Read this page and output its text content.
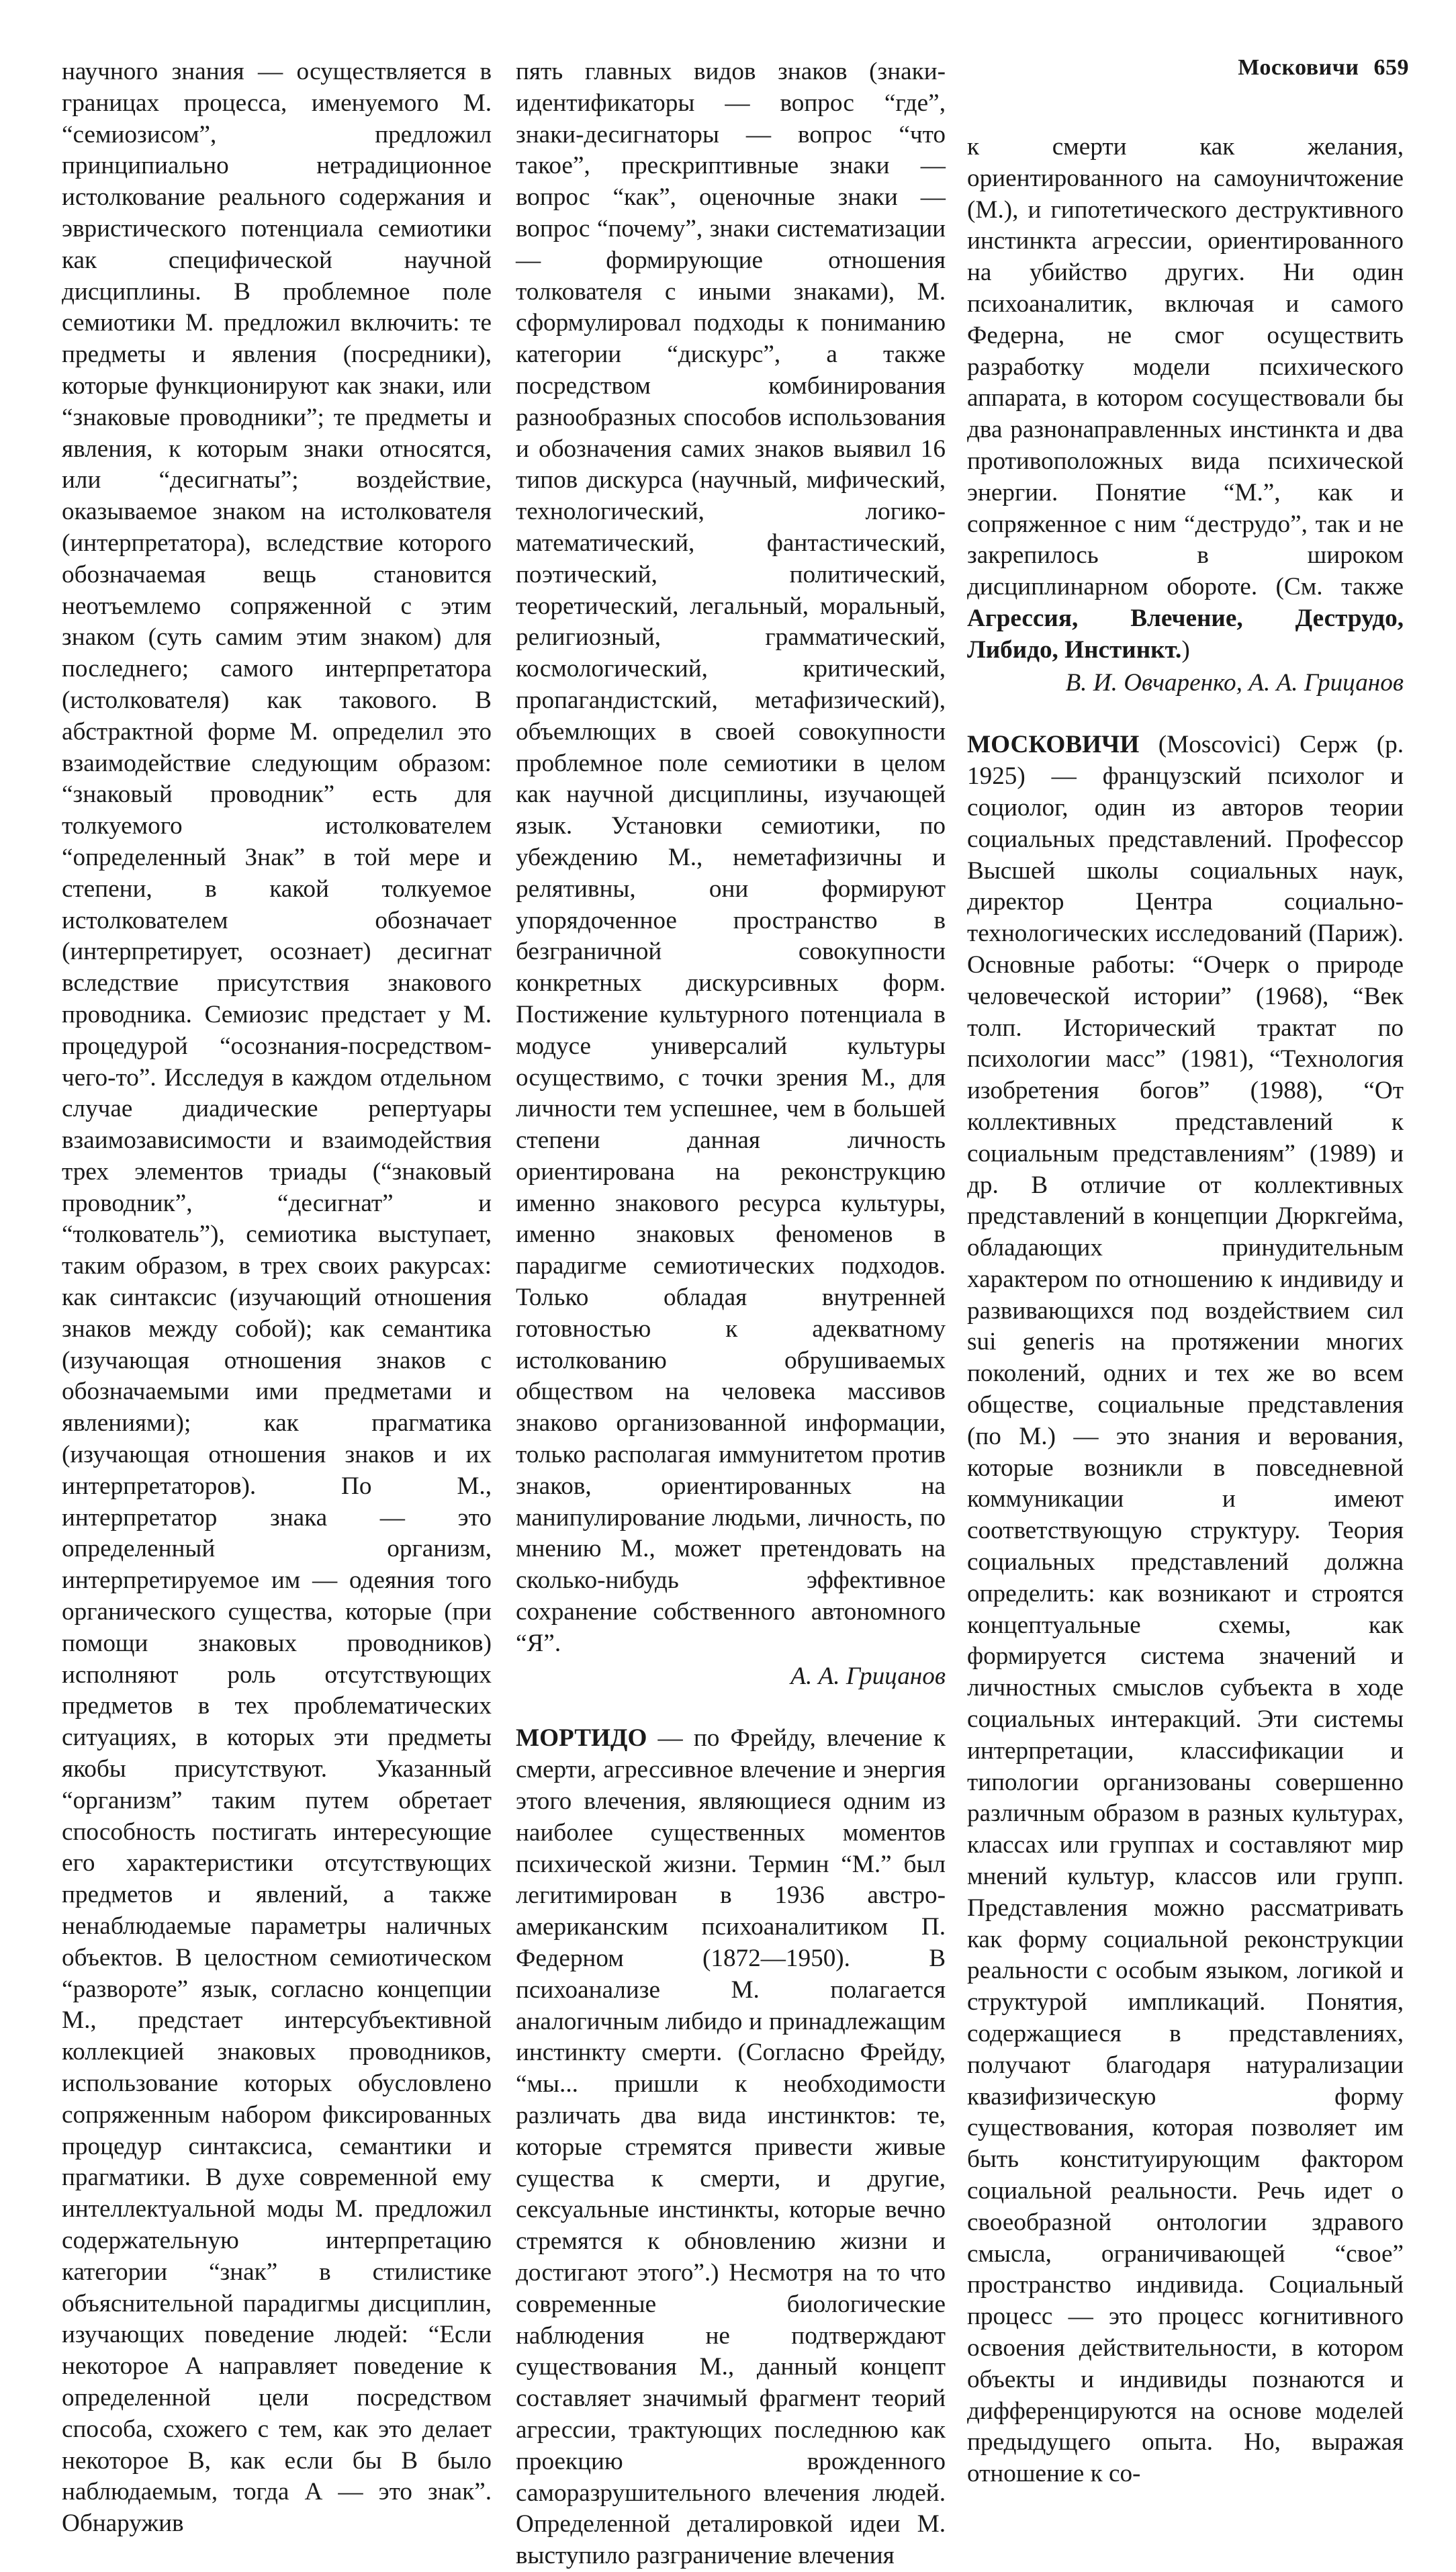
Московичи 659

научного знания — осуществляется в границах процесса, именуемого М. “семиозисом”, предложил принципиально нетрадиционное истолкование реального содержания и эвристического потенциала семиотики как специфической научной дисциплины. В проблемное поле семиотики М. предложил включить: те предметы и явления (посредники), которые функционируют как знаки, или “знаковые проводники”; те предметы и явления, к которым знаки относятся, или “десигнаты”; воздействие, оказываемое знаком на истолкователя (интерпретатора), вследствие которого обозначаемая вещь становится неотъемлемо сопряженной с этим знаком (суть самим этим знаком) для последнего; самого интерпретатора (истолкователя) как такового. В абстрактной форме М. определил это взаимодействие следующим образом: “знаковый проводник” есть для толкуемого истолкователем “определенный Знак” в той мере и степени, в какой толкуемое истолкователем обозначает (интерпретирует, осознает) десигнат вследствие присутствия знакового проводника. Семиозис предстает у М. процедурой “осознания-посредством-чего-то”. Исследуя в каждом отдельном случае диадические репертуары взаимозависимости и взаимодействия трех элементов триады (“знаковый проводник”, “десигнат” и “толкователь”), семиотика выступает, таким образом, в трех своих ракурсах: как синтаксис (изучающий отношения знаков между собой); как семантика (изучающая отношения знаков с обозначаемыми ими предметами и явлениями); как прагматика (изучающая отношения знаков и их интерпретаторов). По М., интерпретатор знака — это определенный организм, интерпретируемое им — одеяния того органического существа, которые (при помощи знаковых проводников) исполняют роль отсутствующих предметов в тех проблематических ситуациях, в которых эти предметы якобы присутствуют. Указанный “организм” таким путем обретает способность постигать интересующие его характеристики отсутствующих предметов и явлений, а также ненаблюдаемые параметры наличных объектов. В целостном семиотическом “развороте” язык, согласно концепции М., предстает интерсубъективной коллекцией знаковых проводников, использование которых обусловлено сопряженным набором фиксированных процедур синтаксиса, семантики и прагматики. В духе современной ему интеллектуальной моды М. предложил содержательную интерпретацию категории “знак” в стилистике объяснительной парадигмы дисциплин, изучающих поведение людей: “Если некоторое А направляет поведение к определенной цели посредством способа, схожего с тем, как это делает некоторое В, как если бы В было наблюдаемым, тогда А — это знак”. Обнаружив

пять главных видов знаков (знаки-идентификаторы — вопрос “где”, знаки-десигнаторы — вопрос “что такое”, прескриптивные знаки — вопрос “как”, оценочные знаки — вопрос “почему”, знаки систематизации — формирующие отношения толкователя с иными знаками), М. сформулировал подходы к пониманию категории “дискурс”, а также посредством комбинирования разнообразных способов использования и обозначения самих знаков выявил 16 типов дискурса (научный, мифический, технологический, логико-математический, фантастический, поэтический, политический, теоретический, легальный, моральный, религиозный, грамматический, космологический, критический, пропагандистский, метафизический), объемлющих в своей совокупности проблемное поле семиотики в целом как научной дисциплины, изучающей язык. Установки семиотики, по убеждению М., неметафизичны и релятивны, они формируют упорядоченное пространство в безграничной совокупности конкретных дискурсивных форм. Постижение культурного потенциала в модусе универсалий культуры осуществимо, с точки зрения М., для личности тем успешнее, чем в большей степени данная личность ориентирована на реконструкцию именно знакового ресурса культуры, именно знаковых феноменов в парадигме семиотических подходов. Только обладая внутренней готовностью к адекватному истолкованию обрушиваемых обществом на человека массивов знаково организованной информации, только располагая иммунитетом против знаков, ориентированных на манипулирование людьми, личность, по мнению М., может претендовать на сколько-нибудь эффективное сохранение собственного автономного “Я”.

А. А. Грицанов

МОРТИДО — по Фрейду, влечение к смерти, агрессивное влечение и энергия этого влечения, являющиеся одним из наиболее существенных моментов психической жизни. Термин “М.” был легитимирован в 1936 австро-американским психоаналитиком П. Федерном (1872—1950). В психоанализе М. полагается аналогичным либидо и принадлежащим инстинкту смерти. (Согласно Фрейду, “мы... пришли к необходимости различать два вида инстинктов: те, которые стремятся привести живые существа к смерти, и другие, сексуальные инстинкты, которые вечно стремятся к обновлению жизни и достигают этого”.) Несмотря на то что современные биологические наблюдения не подтверждают существования М., данный концепт составляет значимый фрагмент теорий агрессии, трактующих последнюю как проекцию врожденного саморазрушительного влечения людей. Определенной деталировкой идеи М. выступило разграничение влечения

к смерти как желания, ориентированного на самоуничтожение (М.), и гипотетического деструктивного инстинкта агрессии, ориентированного на убийство других. Ни один психоаналитик, включая и самого Федерна, не смог осуществить разработку модели психического аппарата, в котором сосуществовали бы два разнонаправленных инстинкта и два противоположных вида психической энергии. Понятие “М.”, как и сопряженное с ним “деструдо”, так и не закрепилось в широком дисциплинарном обороте. (См. также Агрессия, Влечение, Деструдо, Либидо, Инстинкт.)

В. И. Овчаренко, А. А. Грицанов

МОСКОВИЧИ (Moscovici) Серж (р. 1925) — французский психолог и социолог, один из авторов теории социальных представлений. Профессор Высшей школы социальных наук, директор Центра социально-технологических исследований (Париж). Основные работы: “Очерк о природе человеческой истории” (1968), “Век толп. Исторический трактат по психологии масс” (1981), “Технология изобретения богов” (1988), “От коллективных представлений к социальным представлениям” (1989) и др. В отличие от коллективных представлений в концепции Дюркгейма, обладающих принудительным характером по отношению к индивиду и развивающихся под воздействием сил sui generis на протяжении многих поколений, одних и тех же во всем обществе, социальные представления (по М.) — это знания и верования, которые возникли в повседневной коммуникации и имеют соответствующую структуру. Теория социальных представлений должна определить: как возникают и строятся концептуальные схемы, как формируется система значений и личностных смыслов субъекта в ходе социальных интеракций. Эти системы интерпретации, классификации и типологии организованы совершенно различным образом в разных культурах, классах или группах и составляют мир мнений культур, классов или групп. Представления можно рассматривать как форму социальной реконструкции реальности с особым языком, логикой и структурой импликаций. Понятия, содержащиеся в представлениях, получают благодаря натурализации квазифизическую форму существования, которая позволяет им быть конституирующим фактором социальной реальности. Речь идет о своеобразной онтологии здравого смысла, ограничивающей “свое” пространство индивида. Социальный процесс — это процесс когнитивного освоения действительности, в котором объекты и индивиды познаются и дифференцируются на основе моделей предыдущего опыта. Но, выражая отношение к со-
